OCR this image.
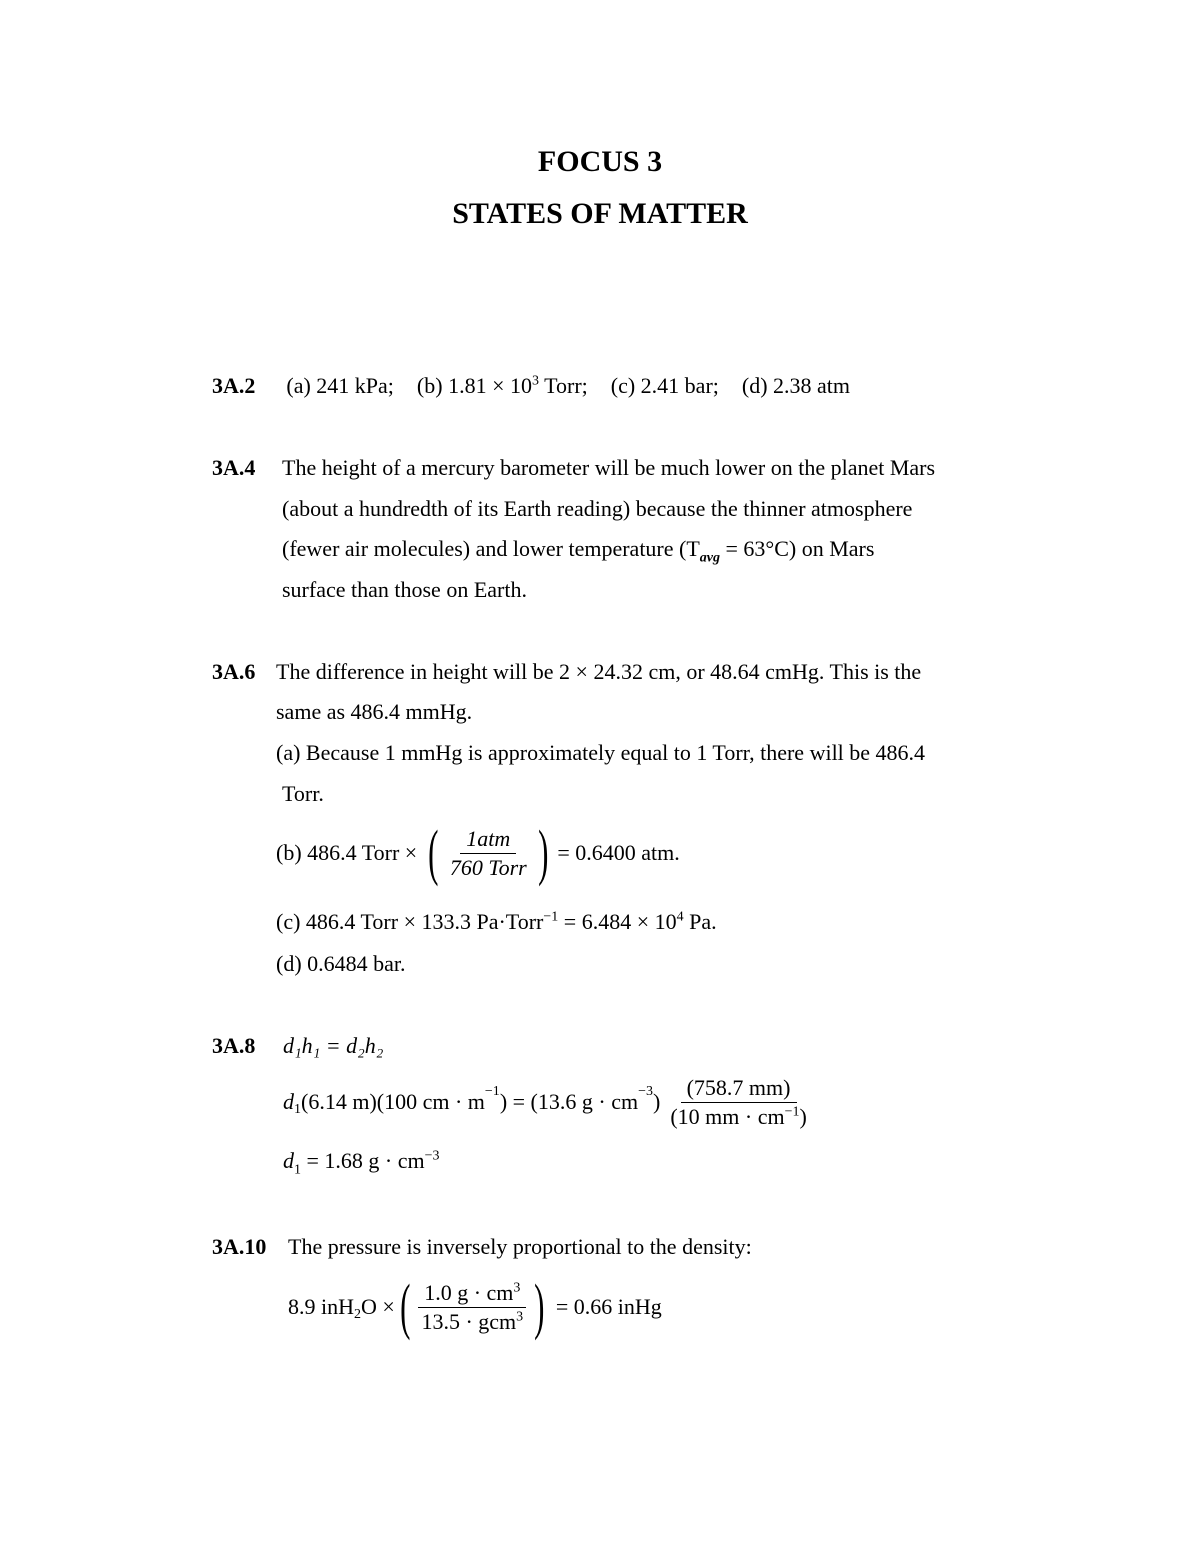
FOCUS 3
STATES OF MATTER
3A.2 (a) 241 kPa; (b) $1.81 \times 10^3$ Torr; (c) 2.41 bar; (d) 2.38 atm
3A.4 The height of a mercury barometer will be much lower on the planet Mars
(about a hundredth of its Earth reading) because the thinner atmosphere
(fewer air molecules) and lower temperature $(T_{avg} = 63^\circ C)$ on Mars
surface than those on Earth.
3A.6 The difference in height will be 2 × 24.32 cm, or 48.64 cmHg. This is the
same as 486.4 mmHg.
(a) Because 1 mmHg is approximately equal to 1 Torr, there will be 486.4
Torr.
(b) 486.4 Torr × ( $\frac{\text{1atm}}{\text{760 Torr}}$ ) = 0.6400 atm.
(c) 486.4 Torr × 133.3 Pa·Torr$^{-1}$ = $6.484 \times 10^4$ Pa.
(d) 0.6484 bar.
3A.8 d₁h₁ = d₂h₂
$d_1$ (6.14 m)(100 cm · $m^{-1}$ ) = (13.6 $g \cdot cm^{-3}$ ) $\frac{(758.7 mm)}{(10 mm \cdot cm^{-1})}$
$d_1 = 1.68$ $g \cdot cm^{-3}$
3A.10 The pressure is inversely proportional to the density:
8.9 inH$_2$ O × ( $\frac{1.0 g \cdot cm^3}{13.5 \cdot gcm^3}$ ) = 0.66 inHg
